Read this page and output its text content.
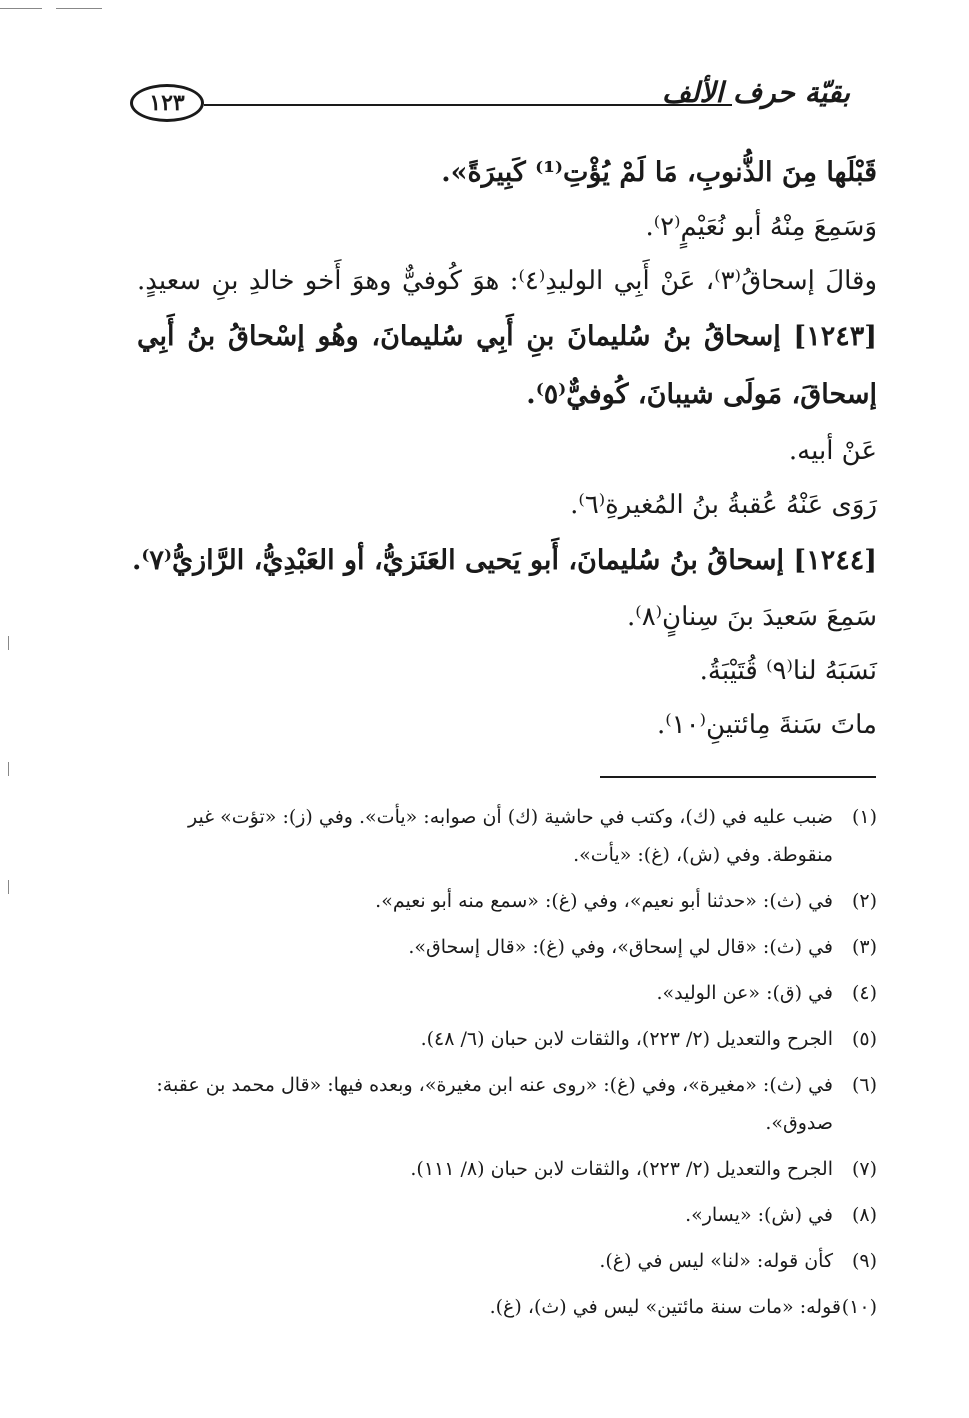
١٢٣	بقيّة حرف الألف
قَبْلَها مِنَ الذُّنوبِ، مَا لَمْ يُؤْتِ⁽¹⁾ كَبِيرَةً».
وَسَمِعَ مِنْهُ أبو نُعَيْمٍ⁽٢⁾.
وقالَ إسحاقُ⁽٣⁾، عَنْ أَبِي الوليدِ⁽٤⁾: هوَ كُوفيٌّ وهوَ أَخو خالدِ بنِ سعيدٍ.
[١٢٤٣] إسحاقُ بنُ سُليمانَ بنِ أَبِي سُليمانَ، وهُو إسْحاقُ بنُ أَبِي
إسحاقَ، مَولَى شيبانَ، كُوفيٌّ⁽٥⁾.
عَنْ أبيه.
رَوَى عَنْهُ عُقبةُ بنُ المُغيرةِ⁽٦⁾.
[١٢٤٤] إسحاقُ بنُ سُليمانَ، أَبو يَحيى العَنَزيُّ، أو العَبْدِيُّ، الرَّازيُّ⁽٧⁾.
سَمِعَ سَعيدَ بنَ سِنانٍ⁽٨⁾.
نَسَبَهُ لنا⁽٩⁾ قُتَيْبَةُ.
ماتَ سَنةَ مِائتينِ⁽١٠⁾.
(١)
ضبب عليه في (ك)، وكتب في حاشية (ك) أن صوابه: «يأت». وفي (ز): «تؤت» غير منقوطة. وفي (ش)، (غ): «يأت».
(٢)
في (ث): «حدثنا أبو نعيم»، وفي (غ): «سمع منه أبو نعيم».
(٣)
في (ث): «قال لي إسحاق»، وفي (غ): «قال إسحاق».
(٤)
في (ق): «عن الوليد».
(٥)
الجرح والتعديل (٢/ ٢٢٣)، والثقات لابن حبان (٦/ ٤٨).
(٦)
في (ث): «مغيرة»، وفي (غ): «روى عنه ابن مغيرة»، وبعده فيها: «قال محمد بن عقبة: صدوق».
(٧)
الجرح والتعديل (٢/ ٢٢٣)، والثقات لابن حبان (٨/ ١١١).
(٨)
في (ش): «يسار».
(٩)
كأن قوله: «لنا» ليس في (غ).
(١٠)
قوله: «مات سنة مائتين» ليس في (ث)، (غ).
